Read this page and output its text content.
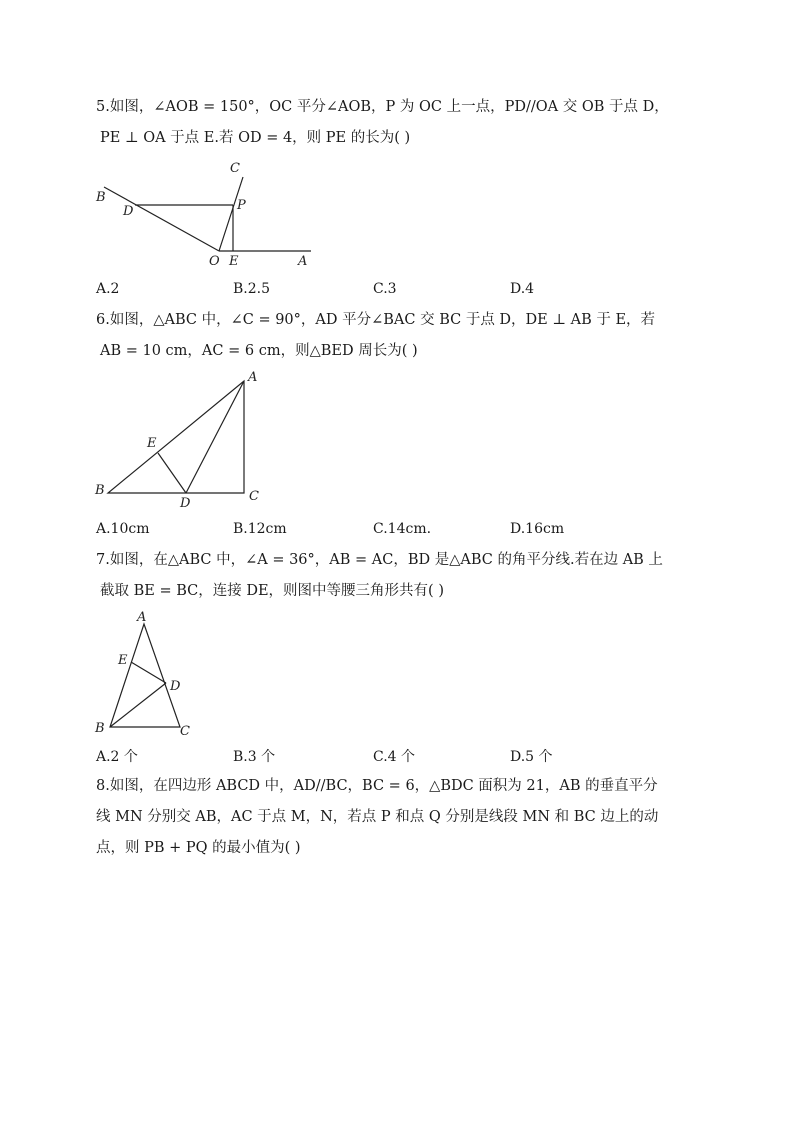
5.如图，∠AOB = 150°，OC 平分∠AOB，P 为 OC 上一点，PD//OA 交 OB 于点 D，
PE ⊥ OA 于点 E.若 OD = 4，则 PE 的长为( )
B
D
C
P
O E	A
A.2	B.2.5	C.3	D.4
6.如图，△ABC 中，∠C = 90°，AD 平分∠BAC 交 BC 于点 D，DE ⊥ AB 于 E，若
AB = 10 cm，AC = 6 cm，则△BED 周长为( )
A
E
B
D	C
A.10cm	B.12cm	C.14cm.	D.16cm
7.如图，在△ABC 中，∠A = 36°，AB = AC，BD 是△ABC 的角平分线.若在边 AB 上
截取 BE = BC，连接 DE，则图中等腰三角形共有( )
A
E
D
B	C
A.2 个	B.3 个	C.4 个	D.5 个
8.如图，在四边形 ABCD 中，AD//BC，BC = 6，△BDC 面积为 21，AB 的垂直平分
线 MN 分别交 AB，AC 于点 M，N，若点 P 和点 Q 分别是线段 MN 和 BC 边上的动
点，则 PB + PQ 的最小值为( )
